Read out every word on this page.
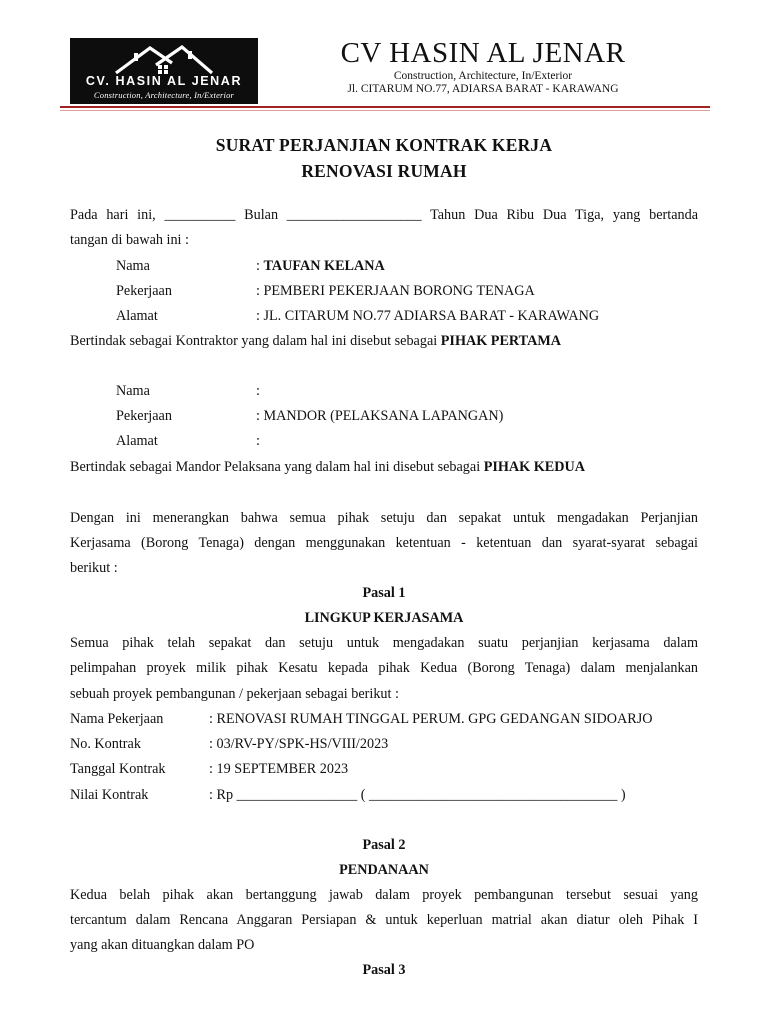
CV. HASIN AL JENAR
Construction, Architecture, In/Exterior
CV HASIN AL JENAR
Construction, Architecture, In/Exterior
Jl. CITARUM NO.77, ADIARSA BARAT - KARAWANG
SURAT PERJANJIAN KONTRAK KERJA
RENOVASI RUMAH
Pada hari ini, __________ Bulan ___________________ Tahun Dua Ribu Dua Tiga, yang bertanda
tangan di bawah ini :
Nama	: TAUFAN KELANA
Pekerjaan	: PEMBERI PEKERJAAN BORONG TENAGA
Alamat	: JL. CITARUM NO.77 ADIARSA BARAT - KARAWANG
Bertindak sebagai Kontraktor yang dalam hal ini disebut sebagai PIHAK PERTAMA
Nama	:
Pekerjaan	: MANDOR (PELAKSANA LAPANGAN)
Alamat	:
Bertindak sebagai Mandor Pelaksana yang dalam hal ini disebut sebagai PIHAK KEDUA
Dengan ini menerangkan bahwa semua pihak setuju dan sepakat untuk mengadakan Perjanjian
Kerjasama (Borong Tenaga) dengan menggunakan ketentuan - ketentuan dan syarat-syarat sebagai
berikut :
Pasal 1
LINGKUP KERJASAMA
Semua pihak telah sepakat dan setuju untuk mengadakan suatu perjanjian kerjasama dalam
pelimpahan proyek milik pihak Kesatu kepada pihak Kedua (Borong Tenaga) dalam menjalankan
sebuah proyek pembangunan / pekerjaan sebagai berikut :
Nama Pekerjaan	: RENOVASI RUMAH TINGGAL PERUM. GPG GEDANGAN SIDOARJO
No. Kontrak	: 03/RV-PY/SPK-HS/VIII/2023
Tanggal Kontrak	: 19 SEPTEMBER 2023
Nilai Kontrak	: Rp _________________ ( ___________________________________ )
Pasal 2
PENDANAAN
Kedua belah pihak akan bertanggung jawab dalam proyek pembangunan tersebut sesuai yang
tercantum dalam Rencana Anggaran Persiapan & untuk keperluan matrial akan diatur oleh Pihak I
yang akan dituangkan dalam PO
Pasal 3
